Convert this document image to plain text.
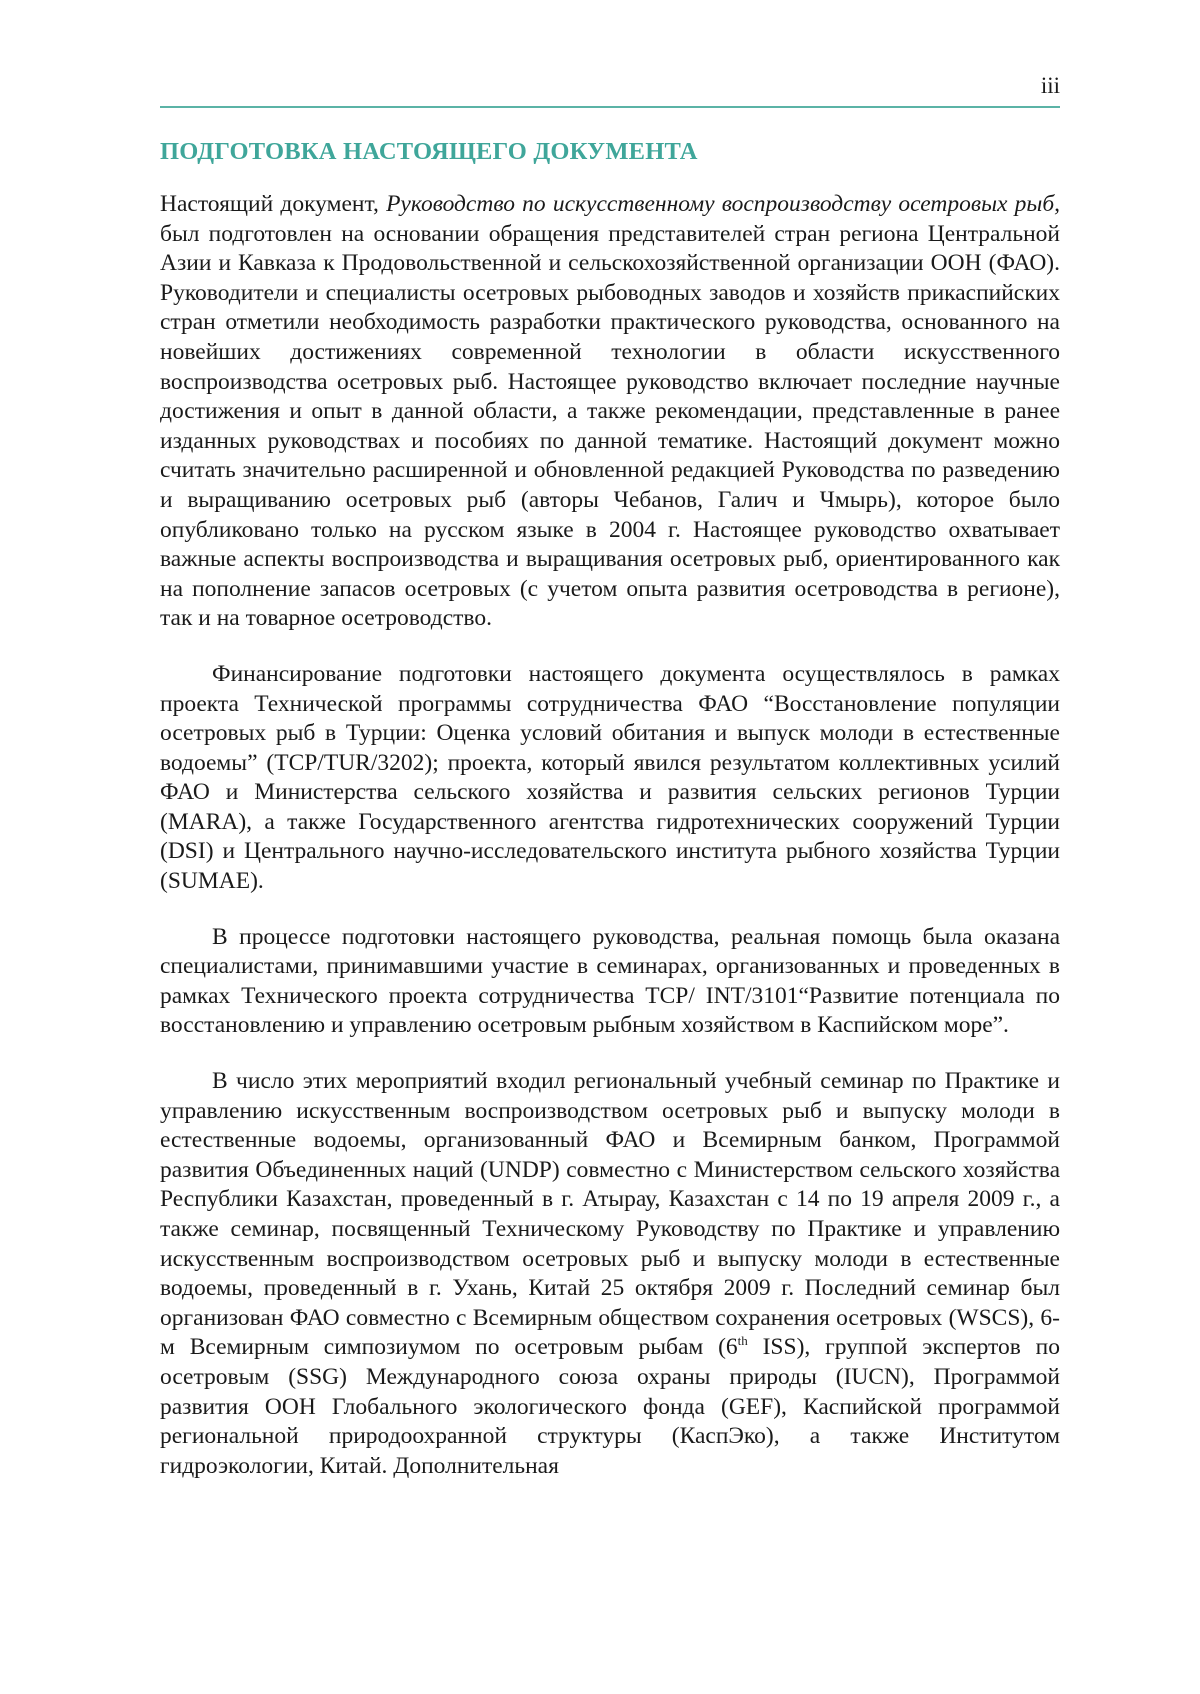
iii
ПОДГОТОВКА НАСТОЯЩЕГО ДОКУМЕНТА

Настоящий документ, Руководство по искусственному воспроизводству осетровых рыб, был подготовлен на основании обращения представителей стран региона Центральной Азии и Кавказа к Продовольственной и сельскохозяйственной организации ООН (ФАО). Руководители и специалисты осетровых рыбоводных заводов и хозяйств прикаспийских стран отметили необходимость разработки практического руководства, основанного на новейших достижениях современной технологии в области искусственного воспроизводства осетровых рыб. Настоящее руководство включает последние научные достижения и опыт в данной области, а также рекомендации, представленные в ранее изданных руководствах и пособиях по данной тематике. Настоящий документ можно считать значительно расширенной и обновленной редакцией Руководства по разведению и выращиванию осетровых рыб (авторы Чебанов, Галич и Чмырь), которое было опубликовано только на русском языке в 2004 г. Настоящее руководство охватывает важные аспекты воспроизводства и выращивания осетровых рыб, ориентированного как на пополнение запасов осетровых (с учетом опыта развития осетроводства в регионе), так и на товарное осетроводство.

Финансирование подготовки настоящего документа осуществлялось в рамках проекта Технической программы сотрудничества ФАО “Восстановление популяции осетровых рыб в Турции: Оценка условий обитания и выпуск молоди в естественные водоемы” (TCP/TUR/3202); проекта, который явился результатом коллективных усилий ФАО и Министерства сельского хозяйства и развития сельских регионов Турции (MARA), а также Государственного агентства гидротехнических сооружений Турции (DSI) и Центрального научно-исследовательского института рыбного хозяйства Турции (SUMAE).

В процессе подготовки настоящего руководства, реальная помощь была оказана специалистами, принимавшими участие в семинарах, организованных и проведенных в рамках Технического проекта сотрудничества TCP/ INT/3101“Развитие потенциала по восстановлению и управлению осетровым рыбным хозяйством в Каспийском море”.

В число этих мероприятий входил региональный учебный семинар по Практике и управлению искусственным воспроизводством осетровых рыб и выпуску молоди в естественные водоемы, организованный ФАО и Всемирным банком, Программой развития Объединенных наций (UNDP) совместно с Министерством сельского хозяйства Республики Казахстан, проведенный в г. Атырау, Казахстан с 14 по 19 апреля 2009 г., а также семинар, посвященный Техническому Руководству по Практике и управлению искусственным воспроизводством осетровых рыб и выпуску молоди в естественные водоемы, проведенный в г. Ухань, Китай 25 октября 2009 г. Последний семинар был организован ФАО совместно с Всемирным обществом сохранения осетровых (WSCS), 6-м Всемирным симпозиумом по осетровым рыбам (6th ISS), группой экспертов по осетровым (SSG) Международного союза охраны природы (IUCN), Программой развития ООН Глобального экологического фонда (GEF), Каспийской программой региональной природоохранной структуры (КаспЭко), а также Институтом гидроэкологии, Китай. Дополнительная
